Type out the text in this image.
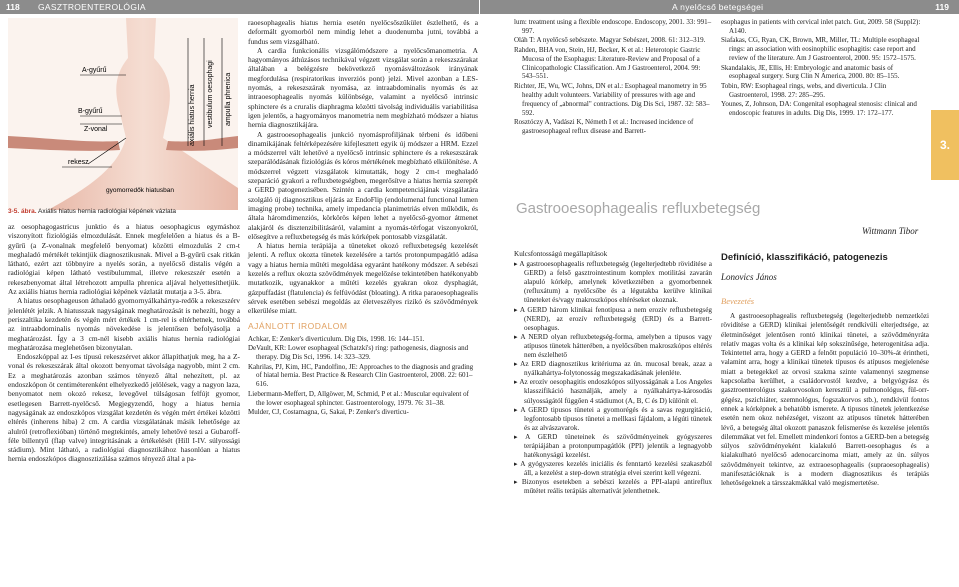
118 GASZTROENTEROLÓGIA	A nyelőcső betegségei	119
A-gyűrű
B-gyűrű
Z-vonal
rekesz
axiális hiatus hernia vestibulum oesophagi ampulla phrenica
gyomorredők hiatusban
3-5. ábra. Axiális hiatus hernia radiológiai képének vázlata

az oesophagogastricus junktio és a hiatus oesophagicus egymáshoz viszonyított fiziológiás elmozdulását. Ennek megfelelően a hiatus és a B-gyűrű (a Z-vonalnak megfelelő benyomat) közötti elmozdulás 2 cm-t meghaladó mértékét tekintjük diagnosztikusnak. Mivel a B-gyűrű csak ritkán látható, ezért azt többnyire a nyelés során, a nyelőcső distalis végén a radiológiai képen látható vestibulummal, illetve rekeszszér esetén a rekeszbenyomat által létrehozott ampulla phrenica aljával helyettesíthetjük. Az axiális hiatus hernia radiológiai képének vázlatát mutatja a 3-5. ábra.

A hiatus oesophageuson áthaladó gyomornyálkahártya-redők a rekeszszérv jelenlétét jelzik. A hiatusszak nagyságának meghatározását is nehezíti, hogy a periszaltika kezdetén és végén mért értékek 1 cm-rel is eltérhetnek, továbbá az intraabdominalis nyomás növekedése is jelentősen befolyásolja a meghatározást. Így a 3 cm-nél kisebb axiális hiatus hernia radiológiai meghatározása meglehetősen bizonytalan.

Endoszkóppal az I-es típusú rekeszsérvet akkor állapíthatjuk meg, ha a Z-vonal és rekeszszárak által okozott benyomat távolsága nagyobb, mint 2 cm. Ez a meghatározás azonban számos tényező által nehezített, pl. az endoszkópon öt centiméterenként elhelyezkedő jelölések, vagy a nagyon laza, benyomatot nem okozó rekesz, levegővel túlságosan felfújt gyomor, esetlegesen Barrett-nyelőcső. Megjegyzendő, hogy a hiatus hernia nagyságának az endoszkópos vizsgálat kezdetén és végén mért értékei közötti eltérés (inherens hiba) 2 cm. A cardia vizsgálatának másik lehetősége az alulról (retroflexióban) történő megtekintés, amely lehetővé teszi a Gubaroff-féle billentyű (flap valve) integritásának a értékelését (Hill I-IV. súlyossági stádium). Mint látható, a radiológiai diagnosztikához hasonlóan a hiatus hernia endoszkópos diagnosztizálása számos tényező által a pa-

raoesophagealis hiatus hernia esetén nyelőcsőszűkület észlelhető, és a deformált gyomorból nem mindig lehet a duodenumba jutni, továbbá a fundus sem vizsgálható.

A cardia funkcionális vizsgálómódszere a nyelőcsőmanometria. A hagyományos áthúzásos technikával végzett vizsgálat során a rekeszszárakat általában a belégzésre bekövetkező nyomásváltozások irányának megfordulása (respiratorikus inverziós pont) jelzi. Mivel azonban a LES-nyomás, a rekeszszárak nyomása, az intraabdominalis nyomás és az intraoesophagealis nyomás különbsége, valamint a nyelőcső intrinsic sphinctere és a cruralis diaphragma közötti távolság individuális variabilitása igen jelentős, a hagyományos manometria nem megbízható módszer a hiatus hernia diagnosztikájára.

A gastrooesophagealis junkció nyomásprofiljának térbeni és időbeni dinamikájának feltérképezésére kifejlesztett egyik új módszer a HRM. Ezzel a módszerrel vált lehetővé a nyelőcső intrinsic sphinctere és a rekeszszárak szeparálódásának fiziológiás és kóros mértékének megbízható elkülönítése. A módszerrel végzett vizsgálatok kimutatták, hogy 2 cm-t meghaladó szeparáció gyakori a refluxbetegségben, megerősítve a hiatus hernia szerepét a GERD patogenezisében. Szintén a cardia kompetenciájának vizsgálatára szolgáló új diagnosztikus eljárás az EndoFlip (endolumenal functional lumen imaging probe) technika, amely impedancia planimetriás elven működik, és általa háromdimenziós, körkörös képen lehet a nyelőcső-gyomor átmenet alakjáról és disztenzibilitásáról, valamint a nyomás-térfogat viszonyokról, elősegítve a refluxbetegség és más kórképek pontosabb vizsgálatát.

A hiatus hernia terápiája a tüneteket okozó refluxbetegség kezelését jelenti. A reflux okozta tünetek kezelésére a tartós protonpumpagátló adása vagy a hiatus hernia műtéti megoldása egyaránt hatékony módszer. A sebészi kezelés a reflux okozta szövődmények megelőzése tekintetében hatékonyabb mutatkozik, ugyanakkor a műtéti kezelés gyakran okoz dysphagiát, gázpuffadást (flatulencia) és felfúvódást (bloating). A ritka paraoesophagealis sérvek esetében sebészi megoldás az életveszélyes rizikó és szövődmények elkerülése miatt.

AJÁNLOTT IRODALOM
Achkar, E: Zenker's diverticulum. Dig Dis, 1998. 16: 144–151.
DeVault, KR: Lower esophageal (Schatzki's) ring: pathogenesis, diagnosis and therapy. Dig Dis Sci, 1996. 14: 323–329.
Kahrilas, PJ, Kim, HC, Pandolfino, JE: Approaches to the diagnosis and grading of hiatal hernia. Best Practice & Research Clin Gastroenterol, 2008. 22: 601–616.
Liebermann-Meffert, D, Allgöwer, M, Schmid, P et al.: Muscular equivalent of the lower esophageal sphincter. Gastroenterology, 1979. 76: 31–38.
Mulder, CJ, Costamagna, G, Sakai, P: Zenker's diverticu-
lum: treatment using a flexible endoscope. Endoscopy, 2001. 33: 991–997.
Oláh T: A nyelőcső sebészete. Magyar Sebészet, 2008. 61: 312–319.
Rahden, BHA von, Stein, HJ, Becker, K et al.: Heterotopic Gastric Mucosa of the Esophagus: Literature-Review and Proposal of a Clinicopathologic Classification. Am J Gastroenterol, 2004. 99: 543–551.
Richter, JE, Wu, WC, Johns, DN et al.: Esophageal manometry in 95 healthy adult volunteers. Variability of pressures with age and frequency of „abnormal" contractions. Dig Dis Sci, 1987. 32: 583–592.
Rosztóczy A, Vadászi K, Németh I et al.: Increased incidence of gastroesophageal reflux disease and Barrett-
esophagus in patients with cervical inlet patch. Gut, 2009. 58 (Suppl2): A140.
Siafakas, CG, Ryan, CK, Brown, MR, Miller, TL: Multiple esophageal rings: an association with eosinophilic esophagitis: case report and review of the literature. Am J Gastroenterol, 2000. 95: 1572–1575.
Skandalakis, JE, Ellis, H: Embryologic and anatomic basis of esophageal surgery. Surg Clin N America, 2000. 80: 85–155.
Tobin, RW: Esophageal rings, webs, and diverticula. J Clin Gastroenterol, 1998. 27: 285–295.
Younes, Z, Johnson, DA: Congenital esophageal stenosis: clinical and endoscopic features in adults. Dig Dis, 1999. 17: 172–177.
3.
Gastrooesophagealis refluxbetegség
Wittmann Tibor
Definíció, klasszifikáció, patogenezis
Lonovics János
Bevezetés
Kulcsfontosságú megállapítások
▸ A gastrooesophagealis refluxbetegség (legelterjedtebb rövidítése a GERD) a felső gasztrointestinum komplex motilitási zavarán alapuló kórkép, amelynek következtében a gyomorbennek (refluxátum) a nyelőcsőbe és a légutakba kerülve klinikai tüneteket és/vagy makroszkópos eltéréseket okoznak.
▸ A GERD három klinikai fenotípusa a nem erozív refluxbetegség (NERD), az erozív refluxbetegség (ERD) és a Barrett-oesophagus.
▸ A NERD olyan refluxbetegség-forma, amelyben a tipusos vagy atípusos tünetek hátterében, a nyelőcsőben makroszkópos eltérés nem észlelhető
▸ Az ERD diagnosztikus kritériuma az ún. mucosal break, azaz a nyálkahártya-folytonosság megszakadásának jelenléte.
▸ Az erozív oesophagitis endoszkópos súlyosságának a Los Angeles klasszifikáció használják, amely a nyálkahártya-károsodás súlyosságától függően 4 stádiumot (A, B, C és D) különít el.
▸ A GERD tipusos tünetei a gyomorégés és a savas regurgitáció, legfontosabb típusos tünetei a mellkasi fájdalom, a légúti tünetek és az alvászavarok.
▸ A GERD tüneteinek és szövődményeinek gyógyszeres terápiájában a protonpumpagátlók (PPI) jelentik a legnagyobb hatékonyságú kezelést.
▸ A gyógyszeres kezelés iniciális és fenntartó kezelési szakaszból áll, a kezelést a step-down stratégia elvei szerint kell végezni.
▸ Bizonyos esetekben a sebészi kezelés a PPI-alapú antireflux műtétet reális terápiás alternatívát jelenthetnek.

A gastrooesophagealis refluxbetegség (legelterjedtebb nemzetközi rövidítése a GERD) klinikai jelentőségét rendkívüli elterjedtsége, az életminőséget jelentősen rontó klinikai tünetei, a szövődményráta relatív magas volta és a klinikai kép sokszínűsége, heterogenitása adja. Tekintettel arra, hogy a GERD a felnőtt populáció 10–30%-át érintheti, valamint arra, hogy a klinikai tünetek típusos és atípusos megjelenése miatt a betegekkel az orvosi szakma szinte valamennyi szegmense kapcsolatba kerülhet, a családorvostól kezdve, a belgyógyász és gasztroenterológus szakorvosokon keresztül a pulmonológus, fül-orr-gégész, pszichiáter, szemnológus, fogszakorvos stb.), rendkívül fontos ennek a kórképnek a behatóbb ismerete. A tipusos tünetek jelentkezése esetén nem okoz nehézséget, viszont az atípusos tünetek hátterében lévő, a betegség által okozott panaszok felismerése és kezelése jelentős dilemmákat vet fel. Emellett mindenkorí fontos a GERD-ben a betegség súlyos szövődményeként kialakuló Barrett-oesophagus és a kialakulható nyelőcső adenocarcinoma miatt, amely az ún. súlyos szövődményeit tekintve, az extraoesophagealis (supraoesophagealis) manifesztációknak is a modern diagnosztikus és terápiás lehetőségeknek a társszakmákkal való megismertetése.
